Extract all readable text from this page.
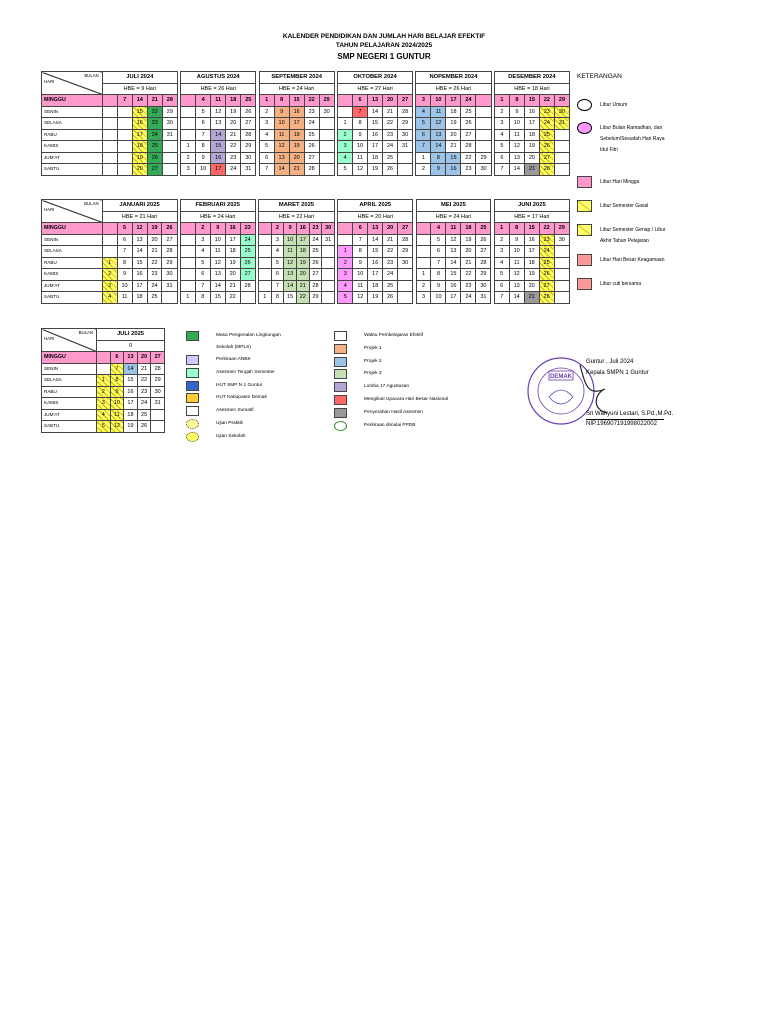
KALENDER PENDIDIKAN DAN JUMLAH HARI BELAJAR EFEKTIF
TAHUN PELAJARAN 2024/2025
SMP NEGERI 1 GUNTUR
BULAN
HARI	JULI 2024						AGUSTUS 2024						SEPTEMBER 2024						OKTOBER 2024						NOPEMBER 2024						DESEMBER 2024				
	HBE = 9 Hari						HBE = 26 Hari						HBE = 24 Hari						HBE = 27 Hari						HBE = 26 Hari						HBE = 18 Hari				
MINGGU		7	14	21	28			4	11	18	25		1	8	15	22	29			6	13	20	27		3	10	17	24			1	8	15	22	29
SENIN			15	22	29			5	12	19	26		2	9	16	23	30			7	14	21	28		4	11	18	25			2	9	16	23	30
SELASA			16	23	30			6	13	20	27		3	10	17	24			1	8	15	22	29		5	12	19	26			3	10	17	24	31
RABU			17	24	31			7	14	21	28		4	11	18	25			2	9	16	23	30		6	13	20	27			4	11	18	25	
KAMIS			18	25			1	8	15	22	29		5	12	19	26			3	10	17	24	31		7	14	21	28			5	12	19	26	
JUM'AT			19	26			2	9	16	23	30		6	13	20	27			4	11	18	25			1	8	15	22	29		6	13	20	27	
SABTU			20	27			3	10	17	24	31		7	14	21	28			5	12	19	26			2	9	16	23	30		7	14	21	28	
BULAN
HARI	JANUARI 2025						FEBRUARI 2025						MARET 2025							APRIL 2025						MEI 2025						JUNI 2025				
	HBE = 21 Hari						HBE = 24 Hari						HBE = 22 Hari							HBE = 20 Hari						HBE = 24 Hari						HBE = 17 Hari				
MINGGU		5	12	19	26			2	9	16	23			2	9	16	23	30			6	13	20	27			4	11	18	25		1	8	15	22	29
SENIN		6	13	20	27			3	10	17	24			3	10	17	24	31			7	14	21	28			5	12	19	26		2	9	16	23	30
SELASA		7	14	21	28			4	11	18	25			4	11	18	25			1	8	15	22	29			6	13	20	27		3	10	17	24	
RABU	1	8	15	22	29			5	12	19	26			5	12	19	26			2	9	16	23	30			7	14	21	28		4	11	18	25	
KAMIS	2	9	16	23	30			6	13	20	27			6	13	20	27			3	10	17	24			1	8	15	22	29		5	12	19	26	
JUM'AT	3	10	17	24	31			7	14	21	28			7	14	21	28			4	11	18	25			2	9	16	23	30		6	13	20	27	
SABTU	4	11	18	25			1	8	15	22			1	8	15	22	29			5	12	19	26			3	10	17	24	31		7	14	21	28	
BULAN
HARI	JULI 2025				
	0				
MINGGU		6	13	20	27
SENIN		7	14	21	28
SELASA	1	8	15	22	29
RABU	2	9	16	23	30
KAMIS	3	10	17	24	31
JUM'AT	4	11	18	25	
SABTU	5	12	19	26	
KETERANGAN
Libur Umum
Libur Bulan Ramadhan, dan
Sebelum/Sesudah Hari Raya
Idul Fitri
Libur Hari Minggu
Libur Semester Gasal
Libur Semester Genap / Libur
Akhir Tahun Pelajaran
Libur Hari Besar Keagamaan
Libur cuti bersama
Masa Pengenalan Lingkungan
Sekolah (MPLS)
Perkiraan ANBK
Asesmen Tengah Semester
HUT SMP N 1 Guntur
HUT Kabupaten Demak
Asesmen Sumatif
Ujian Praktik
Ujian Sekolah
Waktu Pembelajaran Efektif
Projek 1
Projek 2
Projek 3
Lomba 17 Agustusan
Mengikuti Upacara Hari Besar Nasional
Penyerahan Hasil Asesmen
Perkiraan dimulai PPDB
DEMAK
Guntur , Juli 2024
Kepala SMPN 1 Guntur
Sri Wahyuni Lestari, S.Pd.,M.Pd.
NIP.196907191998022002
